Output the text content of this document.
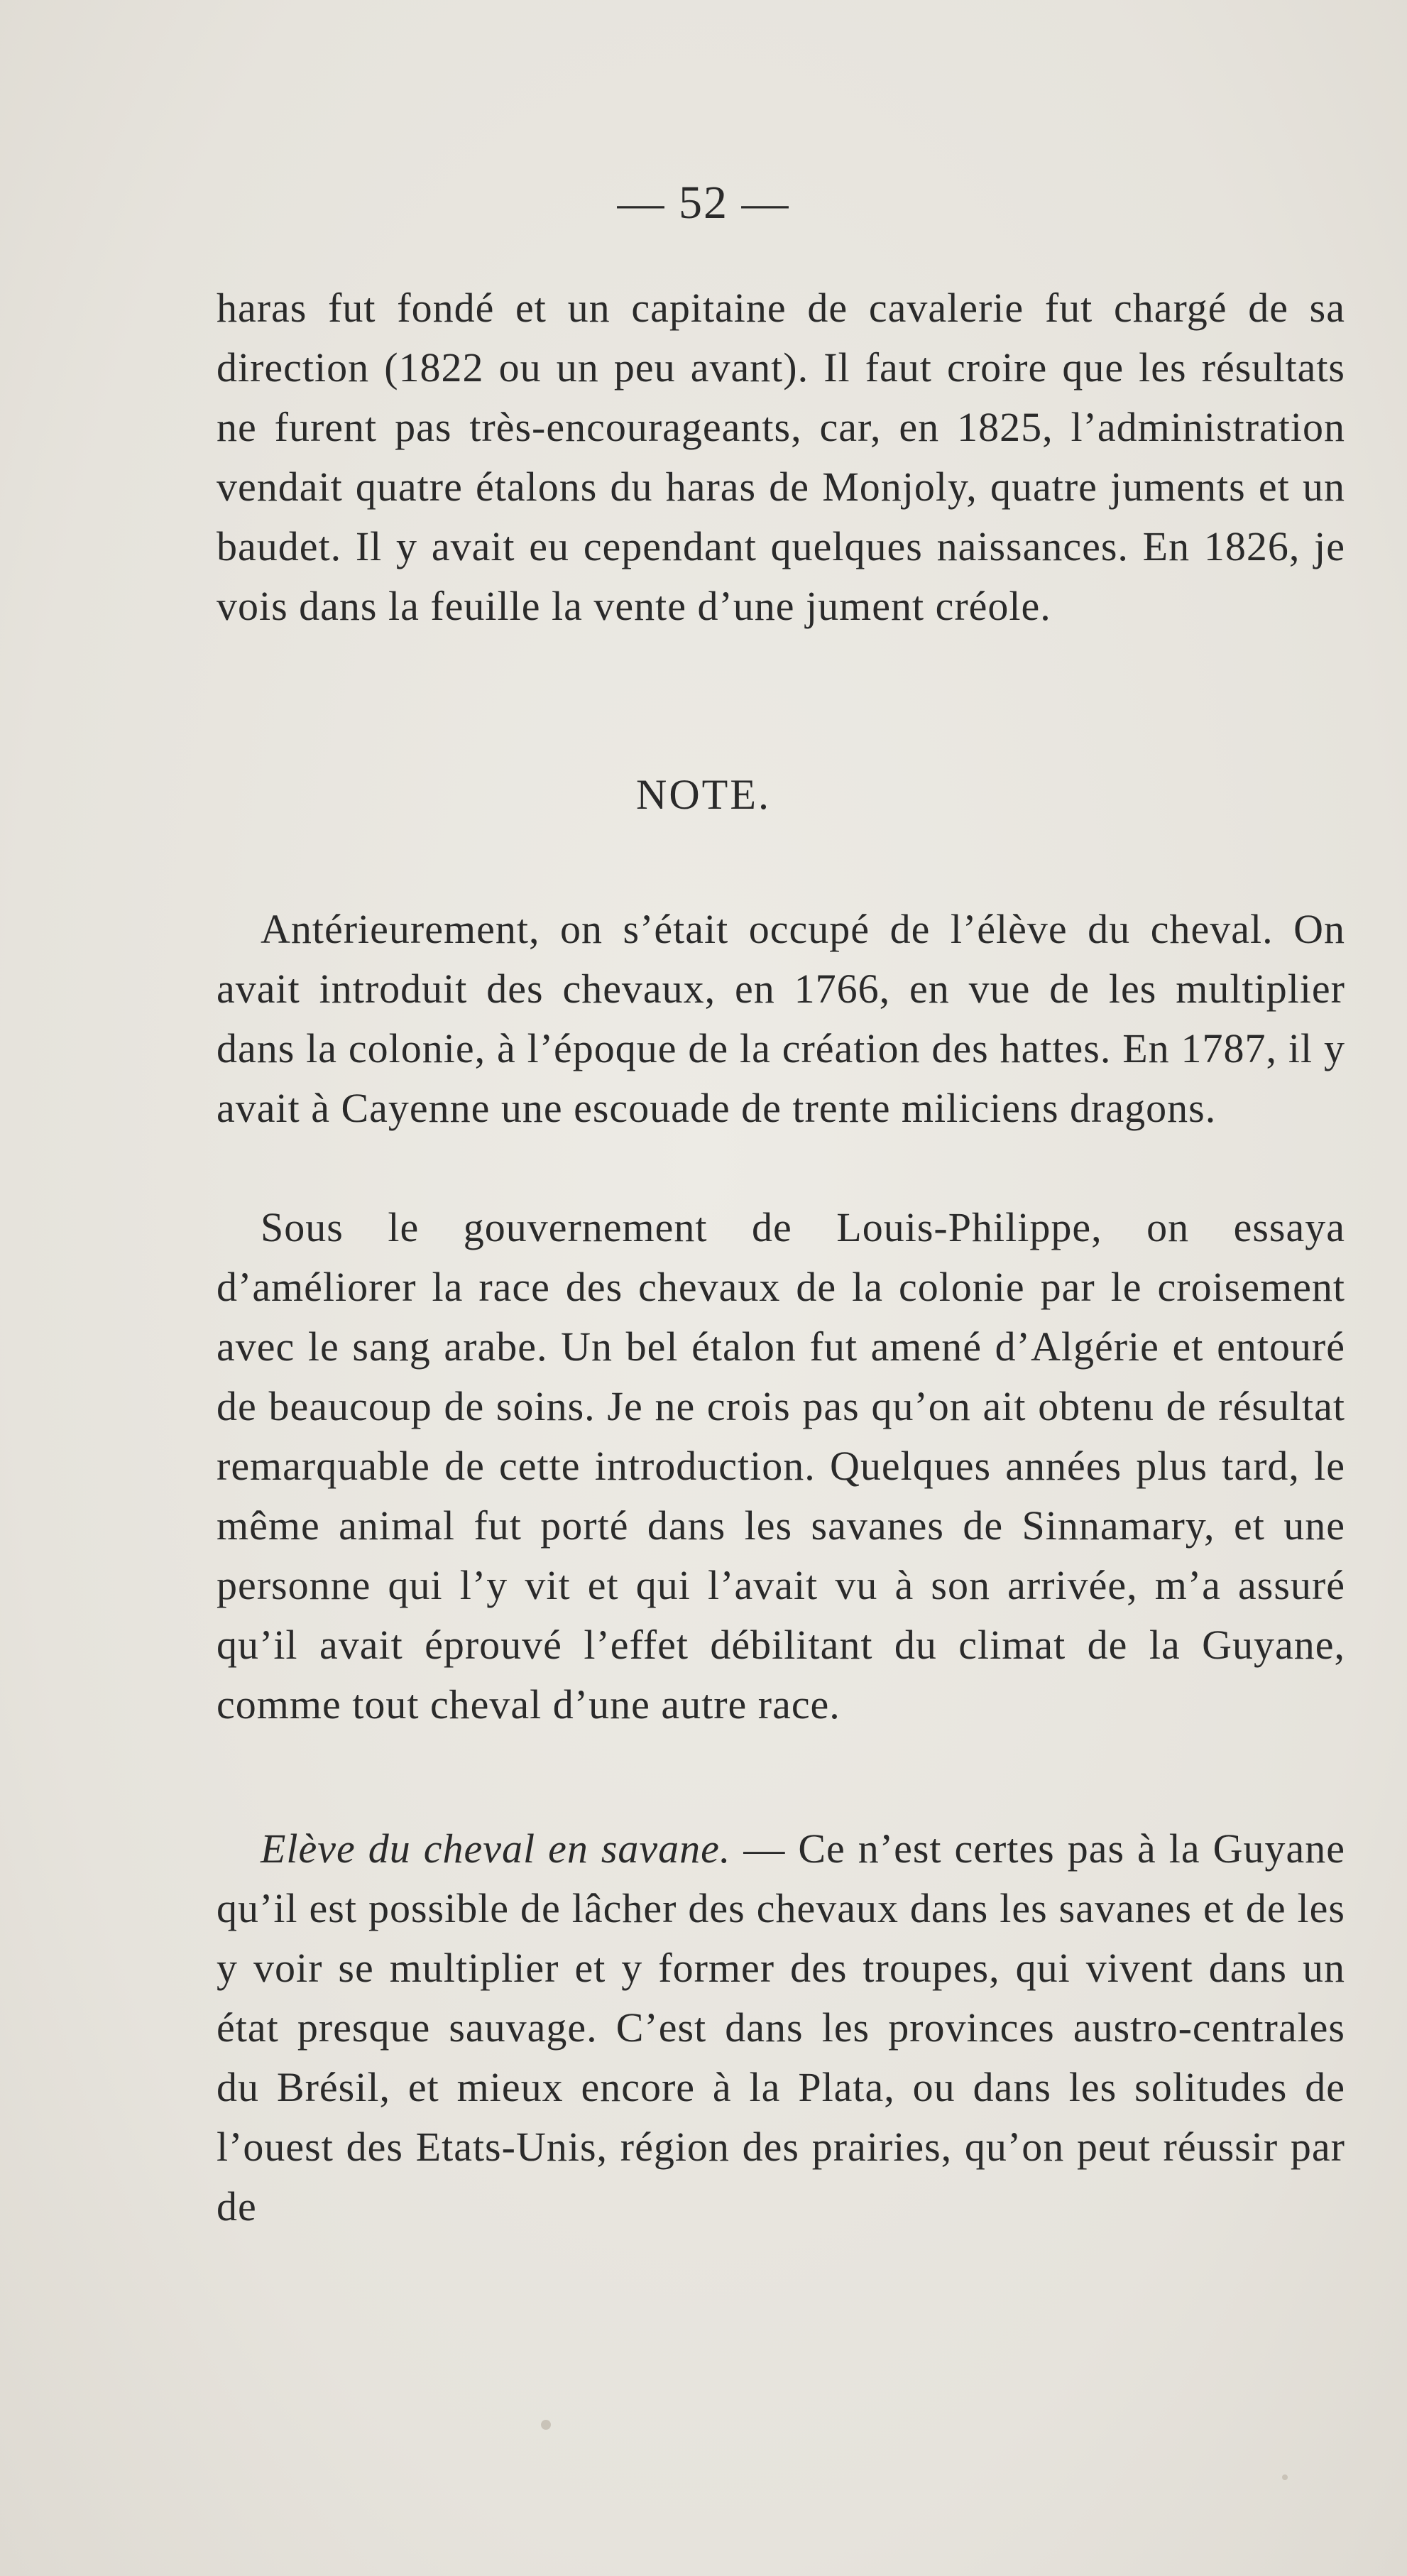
— 52 —

haras fut fondé et un capitaine de cavalerie fut chargé de sa direction (1822 ou un peu avant). Il faut croire que les résultats ne furent pas très-encourageants, car, en 1825, l’administration vendait quatre étalons du haras de Monjoly, quatre juments et un baudet. Il y avait eu cependant quelques naissances. En 1826, je vois dans la feuille la vente d’une jument créole.

NOTE.

Antérieurement, on s’était occupé de l’élève du cheval. On avait introduit des chevaux, en 1766, en vue de les multiplier dans la colonie, à l’époque de la création des hattes. En 1787, il y avait à Cayenne une escouade de trente miliciens dragons.

Sous le gouvernement de Louis-Philippe, on essaya d’améliorer la race des chevaux de la colonie par le croisement avec le sang arabe. Un bel étalon fut amené d’Algérie et entouré de beaucoup de soins. Je ne crois pas qu’on ait obtenu de résultat remarquable de cette introduction. Quelques années plus tard, le même animal fut porté dans les savanes de Sinnamary, et une personne qui l’y vit et qui l’avait vu à son arrivée, m’a assuré qu’il avait éprouvé l’effet débilitant du climat de la Guyane, comme tout cheval d’une autre race.

Elève du cheval en savane. — Ce n’est certes pas à la Guyane qu’il est possible de lâcher des chevaux dans les savanes et de les y voir se multiplier et y former des troupes, qui vivent dans un état presque sauvage. C’est dans les provinces austro-centrales du Brésil, et mieux encore à la Plata, ou dans les solitudes de l’ouest des Etats-Unis, région des prairies, qu’on peut réussir par de
